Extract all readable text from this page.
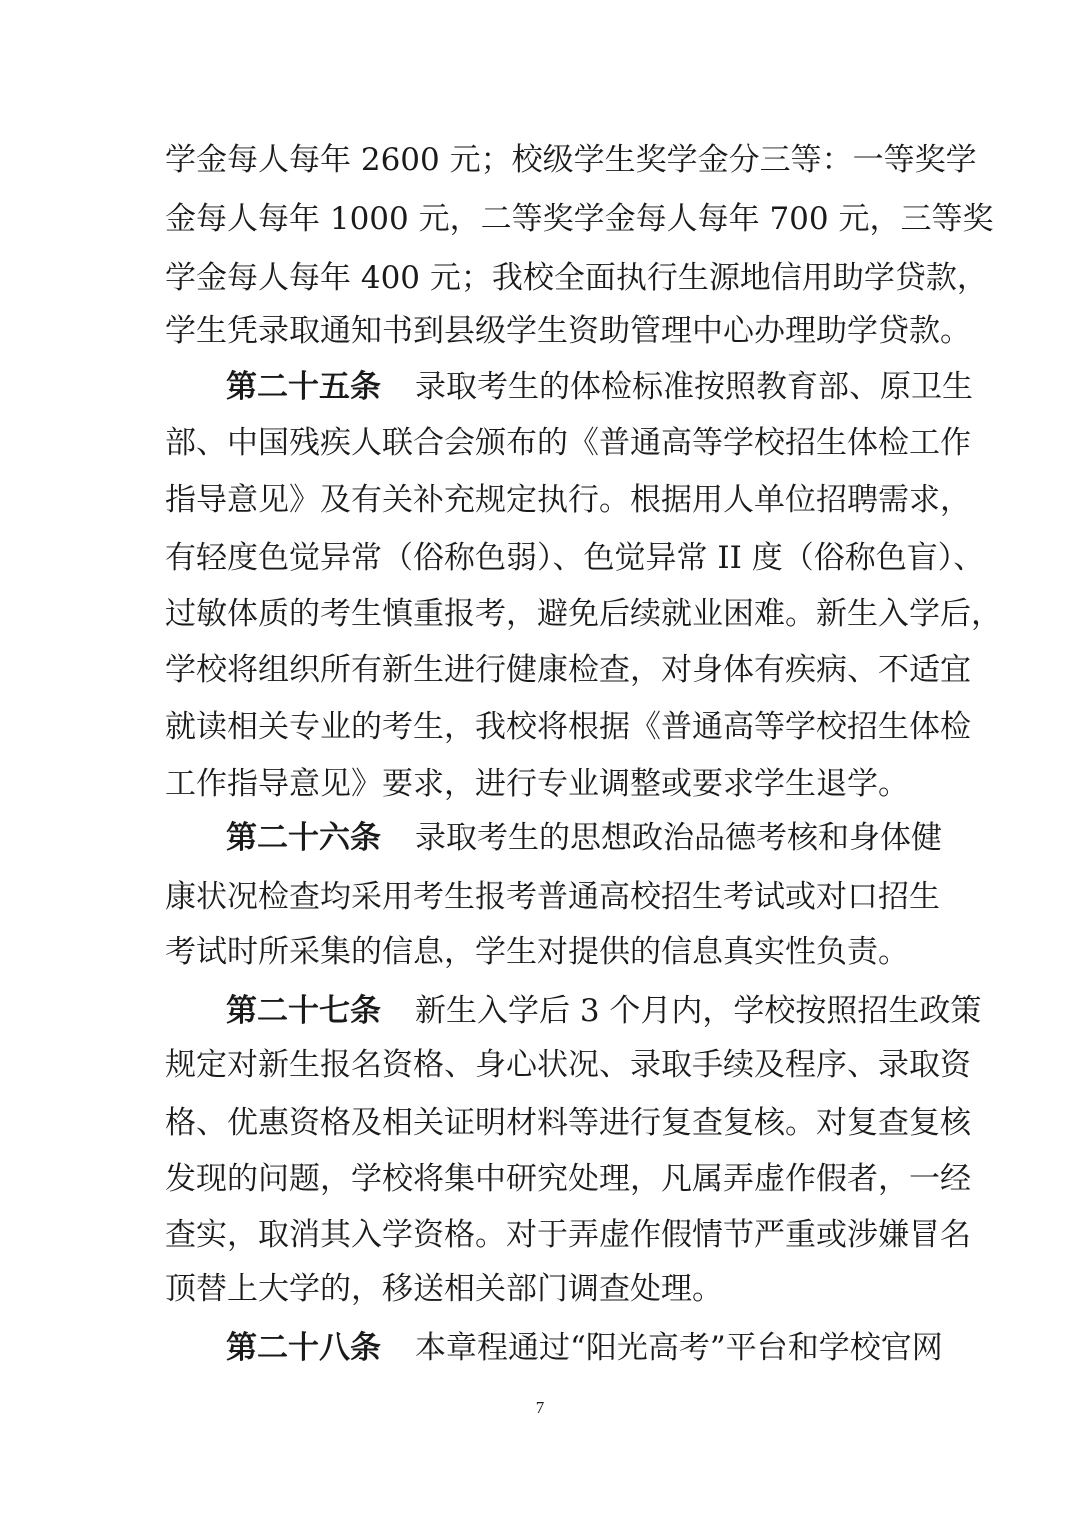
学金每人每年 2600 元；校级学生奖学金分三等：一等奖学
金每人每年 1000 元，二等奖学金每人每年 700 元，三等奖
学金每人每年 400 元；我校全面执行生源地信用助学贷款，
学生凭录取通知书到县级学生资助管理中心办理助学贷款。
第二十五条 录取考生的体检标准按照教育部、原卫生
部、中国残疾人联合会颁布的《普通高等学校招生体检工作
指导意见》及有关补充规定执行。根据用人单位招聘需求，
有轻度色觉异常（俗称色弱）、色觉异常 II 度（俗称色盲）、
过敏体质的考生慎重报考，避免后续就业困难。新生入学后，
学校将组织所有新生进行健康检查，对身体有疾病、不适宜
就读相关专业的考生，我校将根据《普通高等学校招生体检
工作指导意见》要求，进行专业调整或要求学生退学。
第二十六条 录取考生的思想政治品德考核和身体健
康状况检查均采用考生报考普通高校招生考试或对口招生
考试时所采集的信息，学生对提供的信息真实性负责。
第二十七条 新生入学后 3 个月内，学校按照招生政策
规定对新生报名资格、身心状况、录取手续及程序、录取资
格、优惠资格及相关证明材料等进行复查复核。对复查复核
发现的问题，学校将集中研究处理，凡属弄虚作假者，一经
查实，取消其入学资格。对于弄虚作假情节严重或涉嫌冒名
顶替上大学的，移送相关部门调查处理。
第二十八条 本章程通过“阳光高考”平台和学校官网
7
